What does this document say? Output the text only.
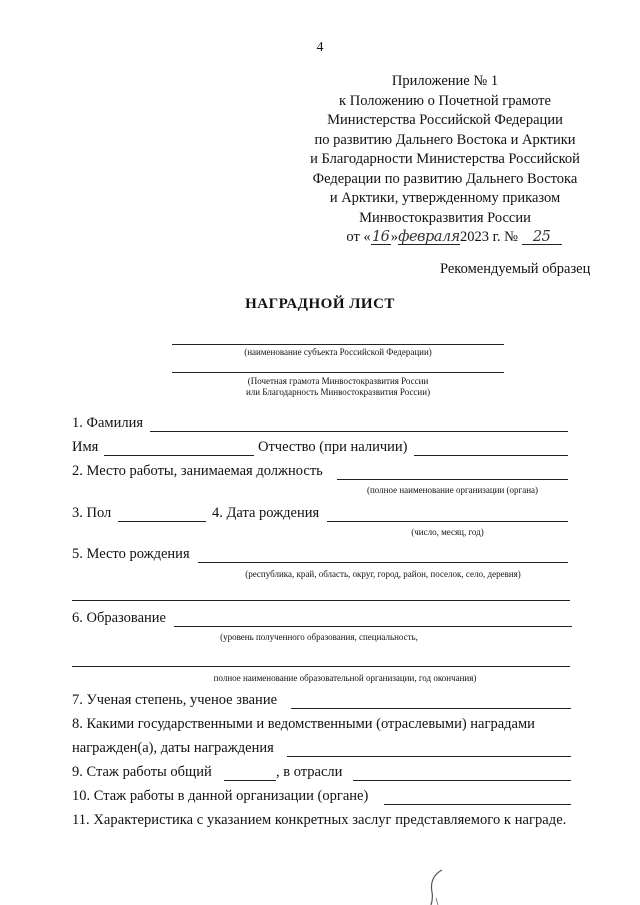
4
Приложение № 1
к Положению о Почетной грамоте
Министерства Российской Федерации
по развитию Дальнего Востока и Арктики
и Благодарности Министерства Российской
Федерации по развитию Дальнего Востока
и Арктики, утвержденному приказом
Минвостокразвития России
от «16»февраля2023 г. № 25
Рекомендуемый образец
НАГРАДНОЙ ЛИСТ
(наименование субъекта Российской Федерации)
(Почетная грамота Минвостокразвития России
или Благодарность Минвостокразвития России)
1. Фамилия
Имя	Отчество (при наличии)
2. Место работы, занимаемая должность
(полное наименование организации (органа)
3. Пол	4. Дата рождения
(число, месяц, год)
5. Место рождения
(республика, край, область, округ, город, район, поселок, село, деревня)
6. Образование
(уровень полученного образования, специальность,
полное наименование образовательной организации, год окончания)
7. Ученая степень, ученое звание
8. Какими государственными и ведомственными (отраслевыми) наградами
награжден(а), даты награждения
9. Стаж работы общий	, в отрасли
10. Стаж работы в данной организации (органе)
11. Характеристика с указанием конкретных заслуг представляемого к награде.
